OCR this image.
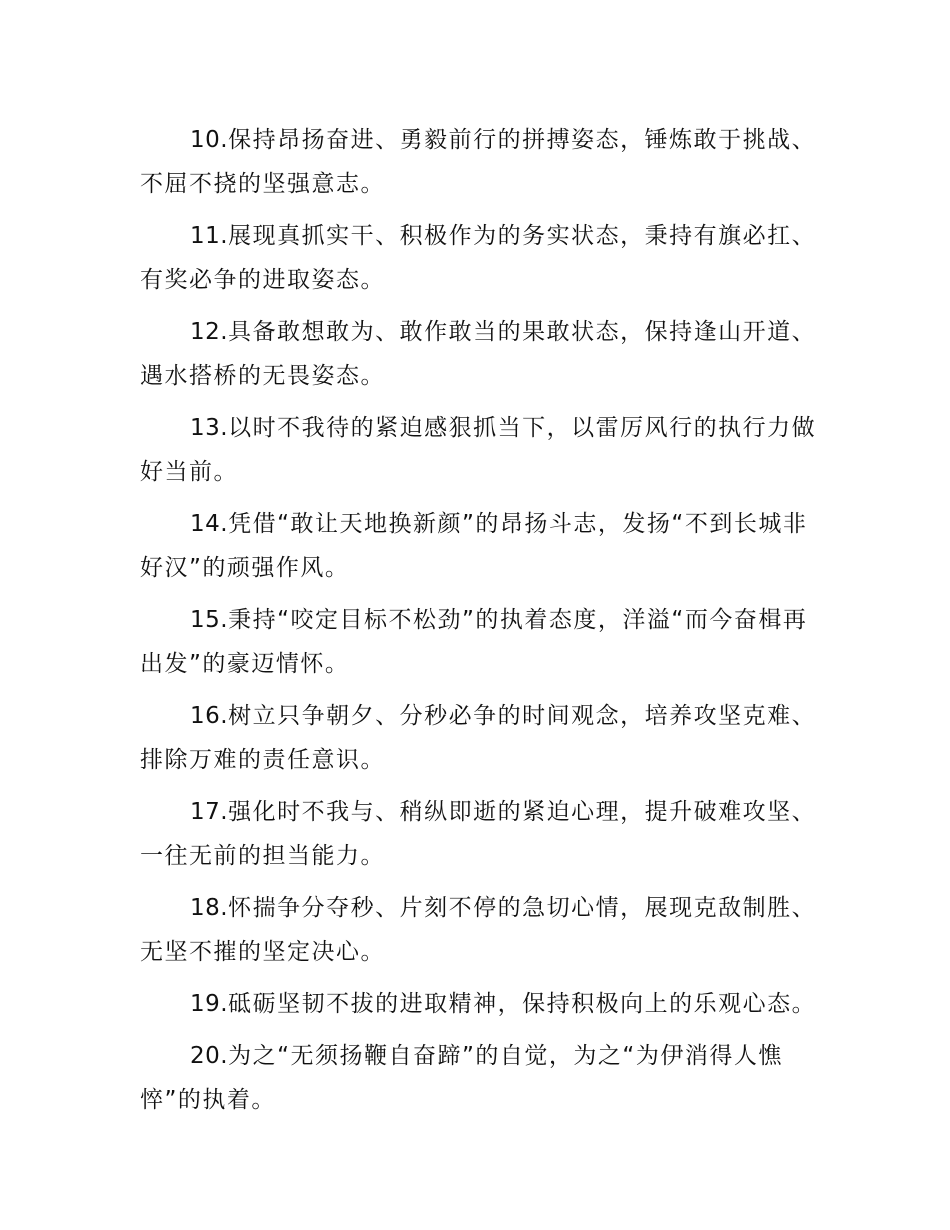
10.保持昂扬奋进、勇毅前行的拼搏姿态，锤炼敢于挑战、不屈不挠的坚强意志。

11.展现真抓实干、积极作为的务实状态，秉持有旗必扛、有奖必争的进取姿态。

12.具备敢想敢为、敢作敢当的果敢状态，保持逢山开道、遇水搭桥的无畏姿态。

13.以时不我待的紧迫感狠抓当下，以雷厉风行的执行力做好当前。

14.凭借“敢让天地换新颜”的昂扬斗志，发扬“不到长城非好汉”的顽强作风。

15.秉持“咬定目标不松劲”的执着态度，洋溢“而今奋楫再出发”的豪迈情怀。

16.树立只争朝夕、分秒必争的时间观念，培养攻坚克难、排除万难的责任意识。

17.强化时不我与、稍纵即逝的紧迫心理，提升破难攻坚、一往无前的担当能力。

18.怀揣争分夺秒、片刻不停的急切心情，展现克敌制胜、无坚不摧的坚定决心。

19.砥砺坚韧不拔的进取精神，保持积极向上的乐观心态。

20.为之“无须扬鞭自奋蹄”的自觉，为之“为伊消得人憔悴”的执着。
